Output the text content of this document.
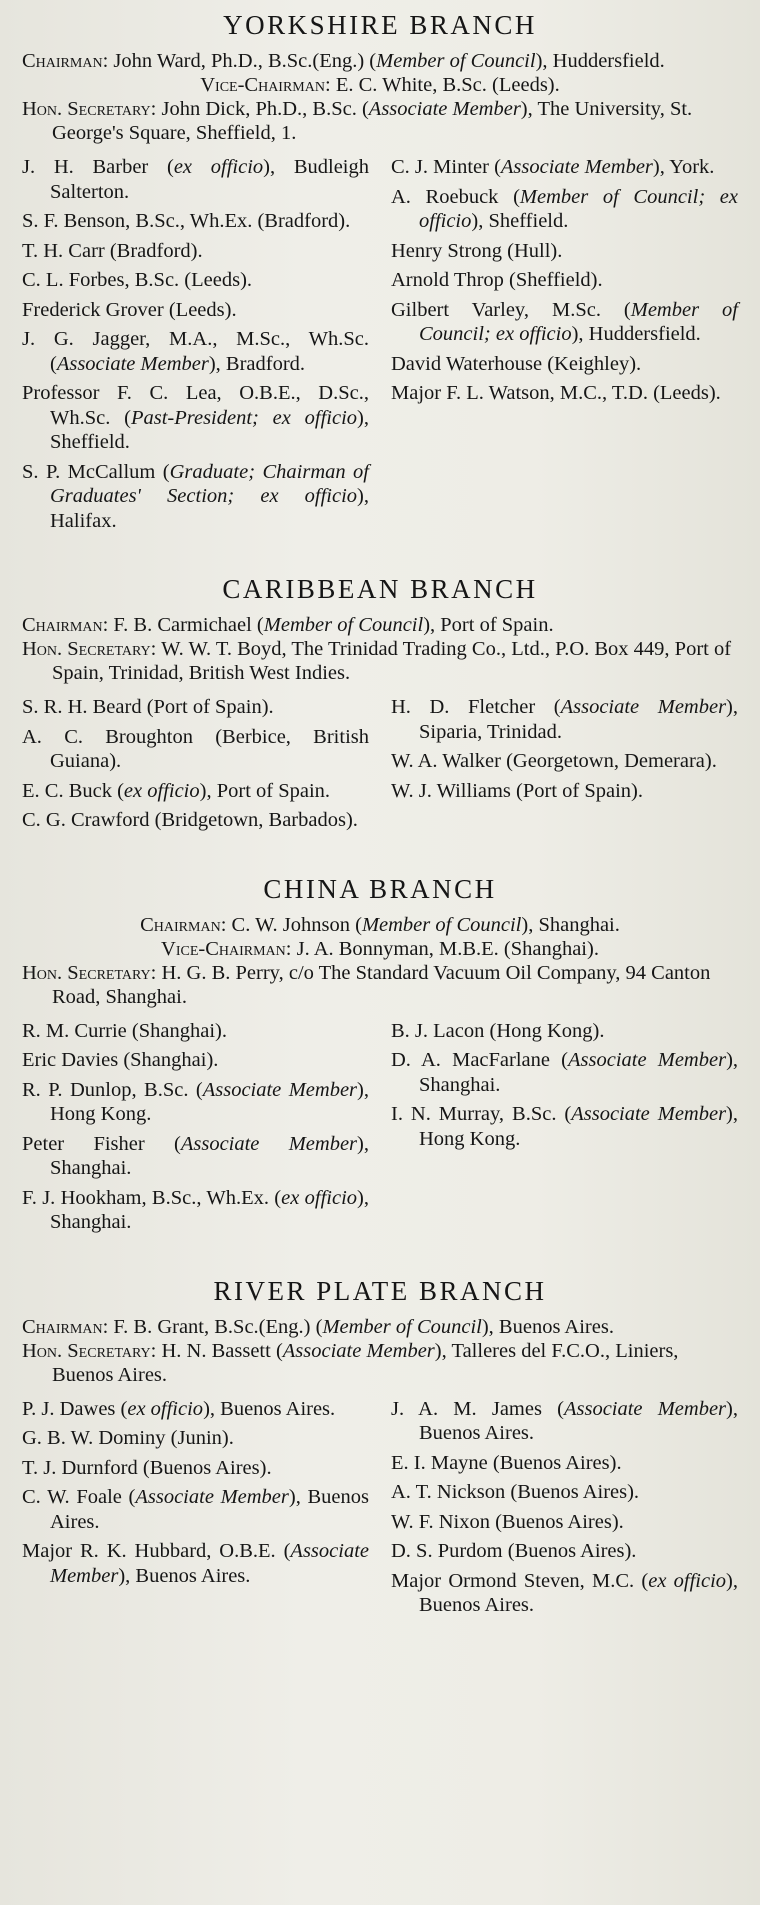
YORKSHIRE BRANCH

Chairman: John Ward, Ph.D., B.Sc.(Eng.) (Member of Council), Huddersfield.

Vice-Chairman: E. C. White, B.Sc. (Leeds).

Hon. Secretary: John Dick, Ph.D., B.Sc. (Associate Member), The University, St. George's Square, Sheffield, 1.

J. H. Barber (ex officio), Budleigh Salterton.

S. F. Benson, B.Sc., Wh.Ex. (Bradford).

T. H. Carr (Bradford).

C. L. Forbes, B.Sc. (Leeds).

Frederick Grover (Leeds).

J. G. Jagger, M.A., M.Sc., Wh.Sc. (Associate Member), Bradford.

Professor F. C. Lea, O.B.E., D.Sc., Wh.Sc. (Past-President; ex officio), Sheffield.

S. P. McCallum (Graduate; Chairman of Graduates' Section; ex officio), Halifax.

C. J. Minter (Associate Member), York.

A. Roebuck (Member of Council; ex officio), Sheffield.

Henry Strong (Hull).

Arnold Throp (Sheffield).

Gilbert Varley, M.Sc. (Member of Council; ex officio), Huddersfield.

David Waterhouse (Keighley).

Major F. L. Watson, M.C., T.D. (Leeds).

CARIBBEAN BRANCH

Chairman: F. B. Carmichael (Member of Council), Port of Spain.

Hon. Secretary: W. W. T. Boyd, The Trinidad Trading Co., Ltd., P.O. Box 449, Port of Spain, Trinidad, British West Indies.

S. R. H. Beard (Port of Spain).

A. C. Broughton (Berbice, British Guiana).

E. C. Buck (ex officio), Port of Spain.

C. G. Crawford (Bridgetown, Barbados).

H. D. Fletcher (Associate Member), Siparia, Trinidad.

W. A. Walker (Georgetown, Demerara).

W. J. Williams (Port of Spain).

CHINA BRANCH

Chairman: C. W. Johnson (Member of Council), Shanghai.

Vice-Chairman: J. A. Bonnyman, M.B.E. (Shanghai).

Hon. Secretary: H. G. B. Perry, c/o The Standard Vacuum Oil Company, 94 Canton Road, Shanghai.

R. M. Currie (Shanghai).

Eric Davies (Shanghai).

R. P. Dunlop, B.Sc. (Associate Member), Hong Kong.

Peter Fisher (Associate Member), Shanghai.

F. J. Hookham, B.Sc., Wh.Ex. (ex officio), Shanghai.

B. J. Lacon (Hong Kong).

D. A. MacFarlane (Associate Member), Shanghai.

I. N. Murray, B.Sc. (Associate Member), Hong Kong.

RIVER PLATE BRANCH

Chairman: F. B. Grant, B.Sc.(Eng.) (Member of Council), Buenos Aires.

Hon. Secretary: H. N. Bassett (Associate Member), Talleres del F.C.O., Liniers, Buenos Aires.

P. J. Dawes (ex officio), Buenos Aires.

G. B. W. Dominy (Junin).

T. J. Durnford (Buenos Aires).

C. W. Foale (Associate Member), Buenos Aires.

Major R. K. Hubbard, O.B.E. (Associate Member), Buenos Aires.

J. A. M. James (Associate Member), Buenos Aires.

E. I. Mayne (Buenos Aires).

A. T. Nickson (Buenos Aires).

W. F. Nixon (Buenos Aires).

D. S. Purdom (Buenos Aires).

Major Ormond Steven, M.C. (ex officio), Buenos Aires.
